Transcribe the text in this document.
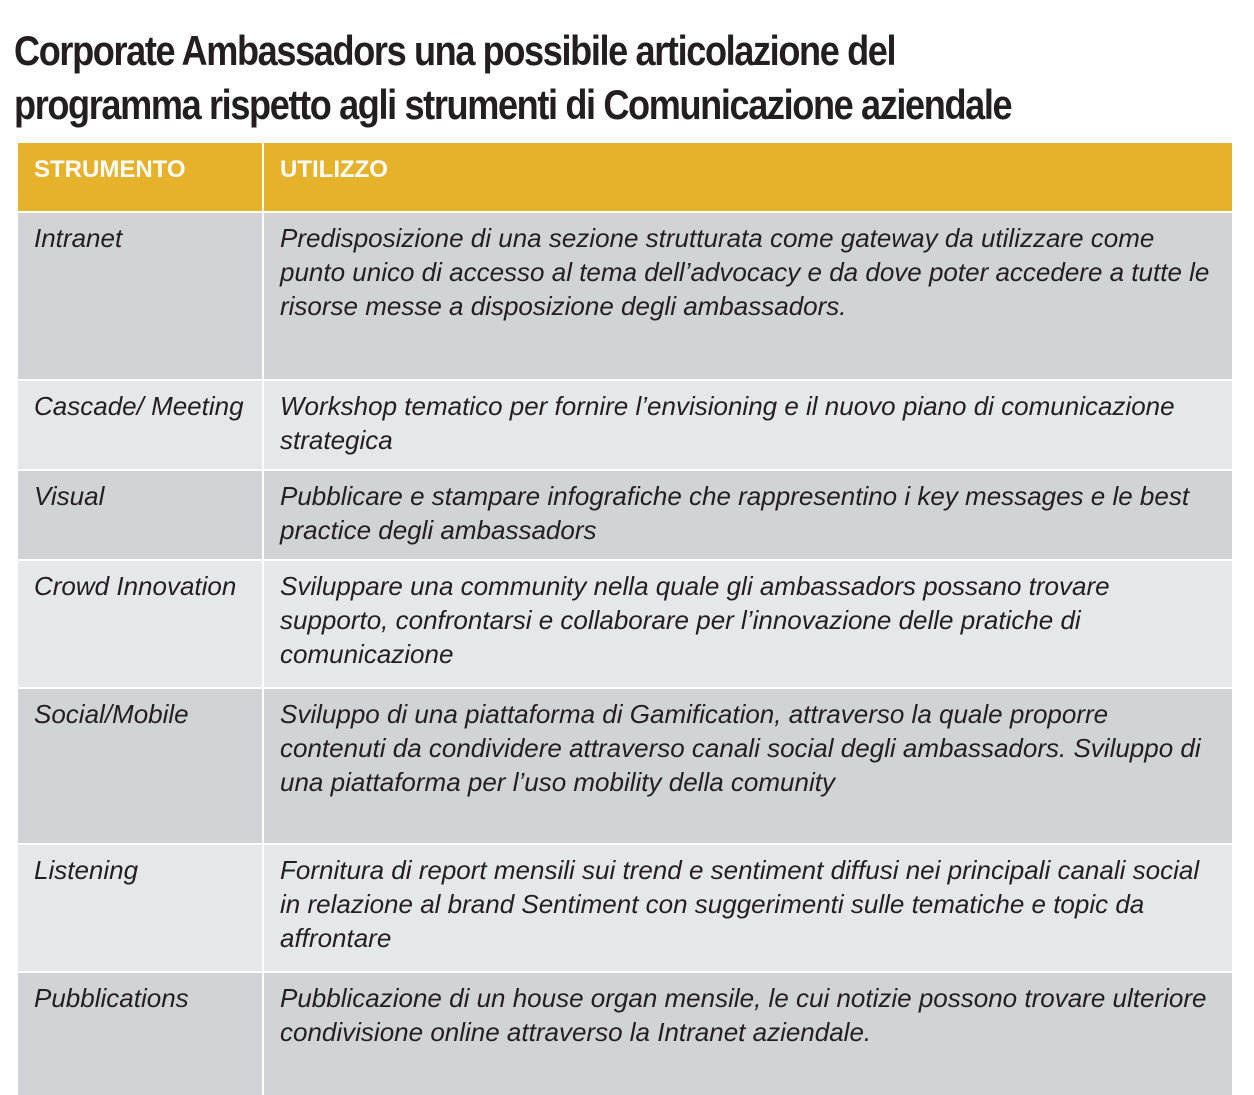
Corporate Ambassadors una possibile articolazione del
programma rispetto agli strumenti di Comunicazione aziendale
STRUMENTO	UTILIZZO
Intranet	Predisposizione di una sezione strutturata come gateway da utilizzare come punto unico di accesso al tema dell’advocacy e da dove poter accedere a tutte le risorse messe a disposizione degli ambassadors.
Cascade/ Meeting	Workshop tematico per fornire l’envisioning e il nuovo piano di comunicazione strategica
Visual	Pubblicare e stampare infografiche che rappresentino i key messages e le best practice degli ambassadors
Crowd Innovation	Sviluppare una community nella quale gli ambassadors possano trovare supporto, confrontarsi e collaborare per l’innovazione delle pratiche di comunicazione
Social/Mobile	Sviluppo di una piattaforma di Gamification, attraverso la quale proporre contenuti da condividere attraverso canali social degli ambassadors. Sviluppo di una piattaforma per l’uso mobility della comunity
Listening	Fornitura di report mensili sui trend e sentiment diffusi nei principali canali social in relazione al brand Sentiment con suggerimenti sulle tematiche e topic da affrontare
Pubblications	Pubblicazione di un house organ mensile, le cui notizie possono trovare ulteriore condivisione online attraverso la Intranet aziendale.
